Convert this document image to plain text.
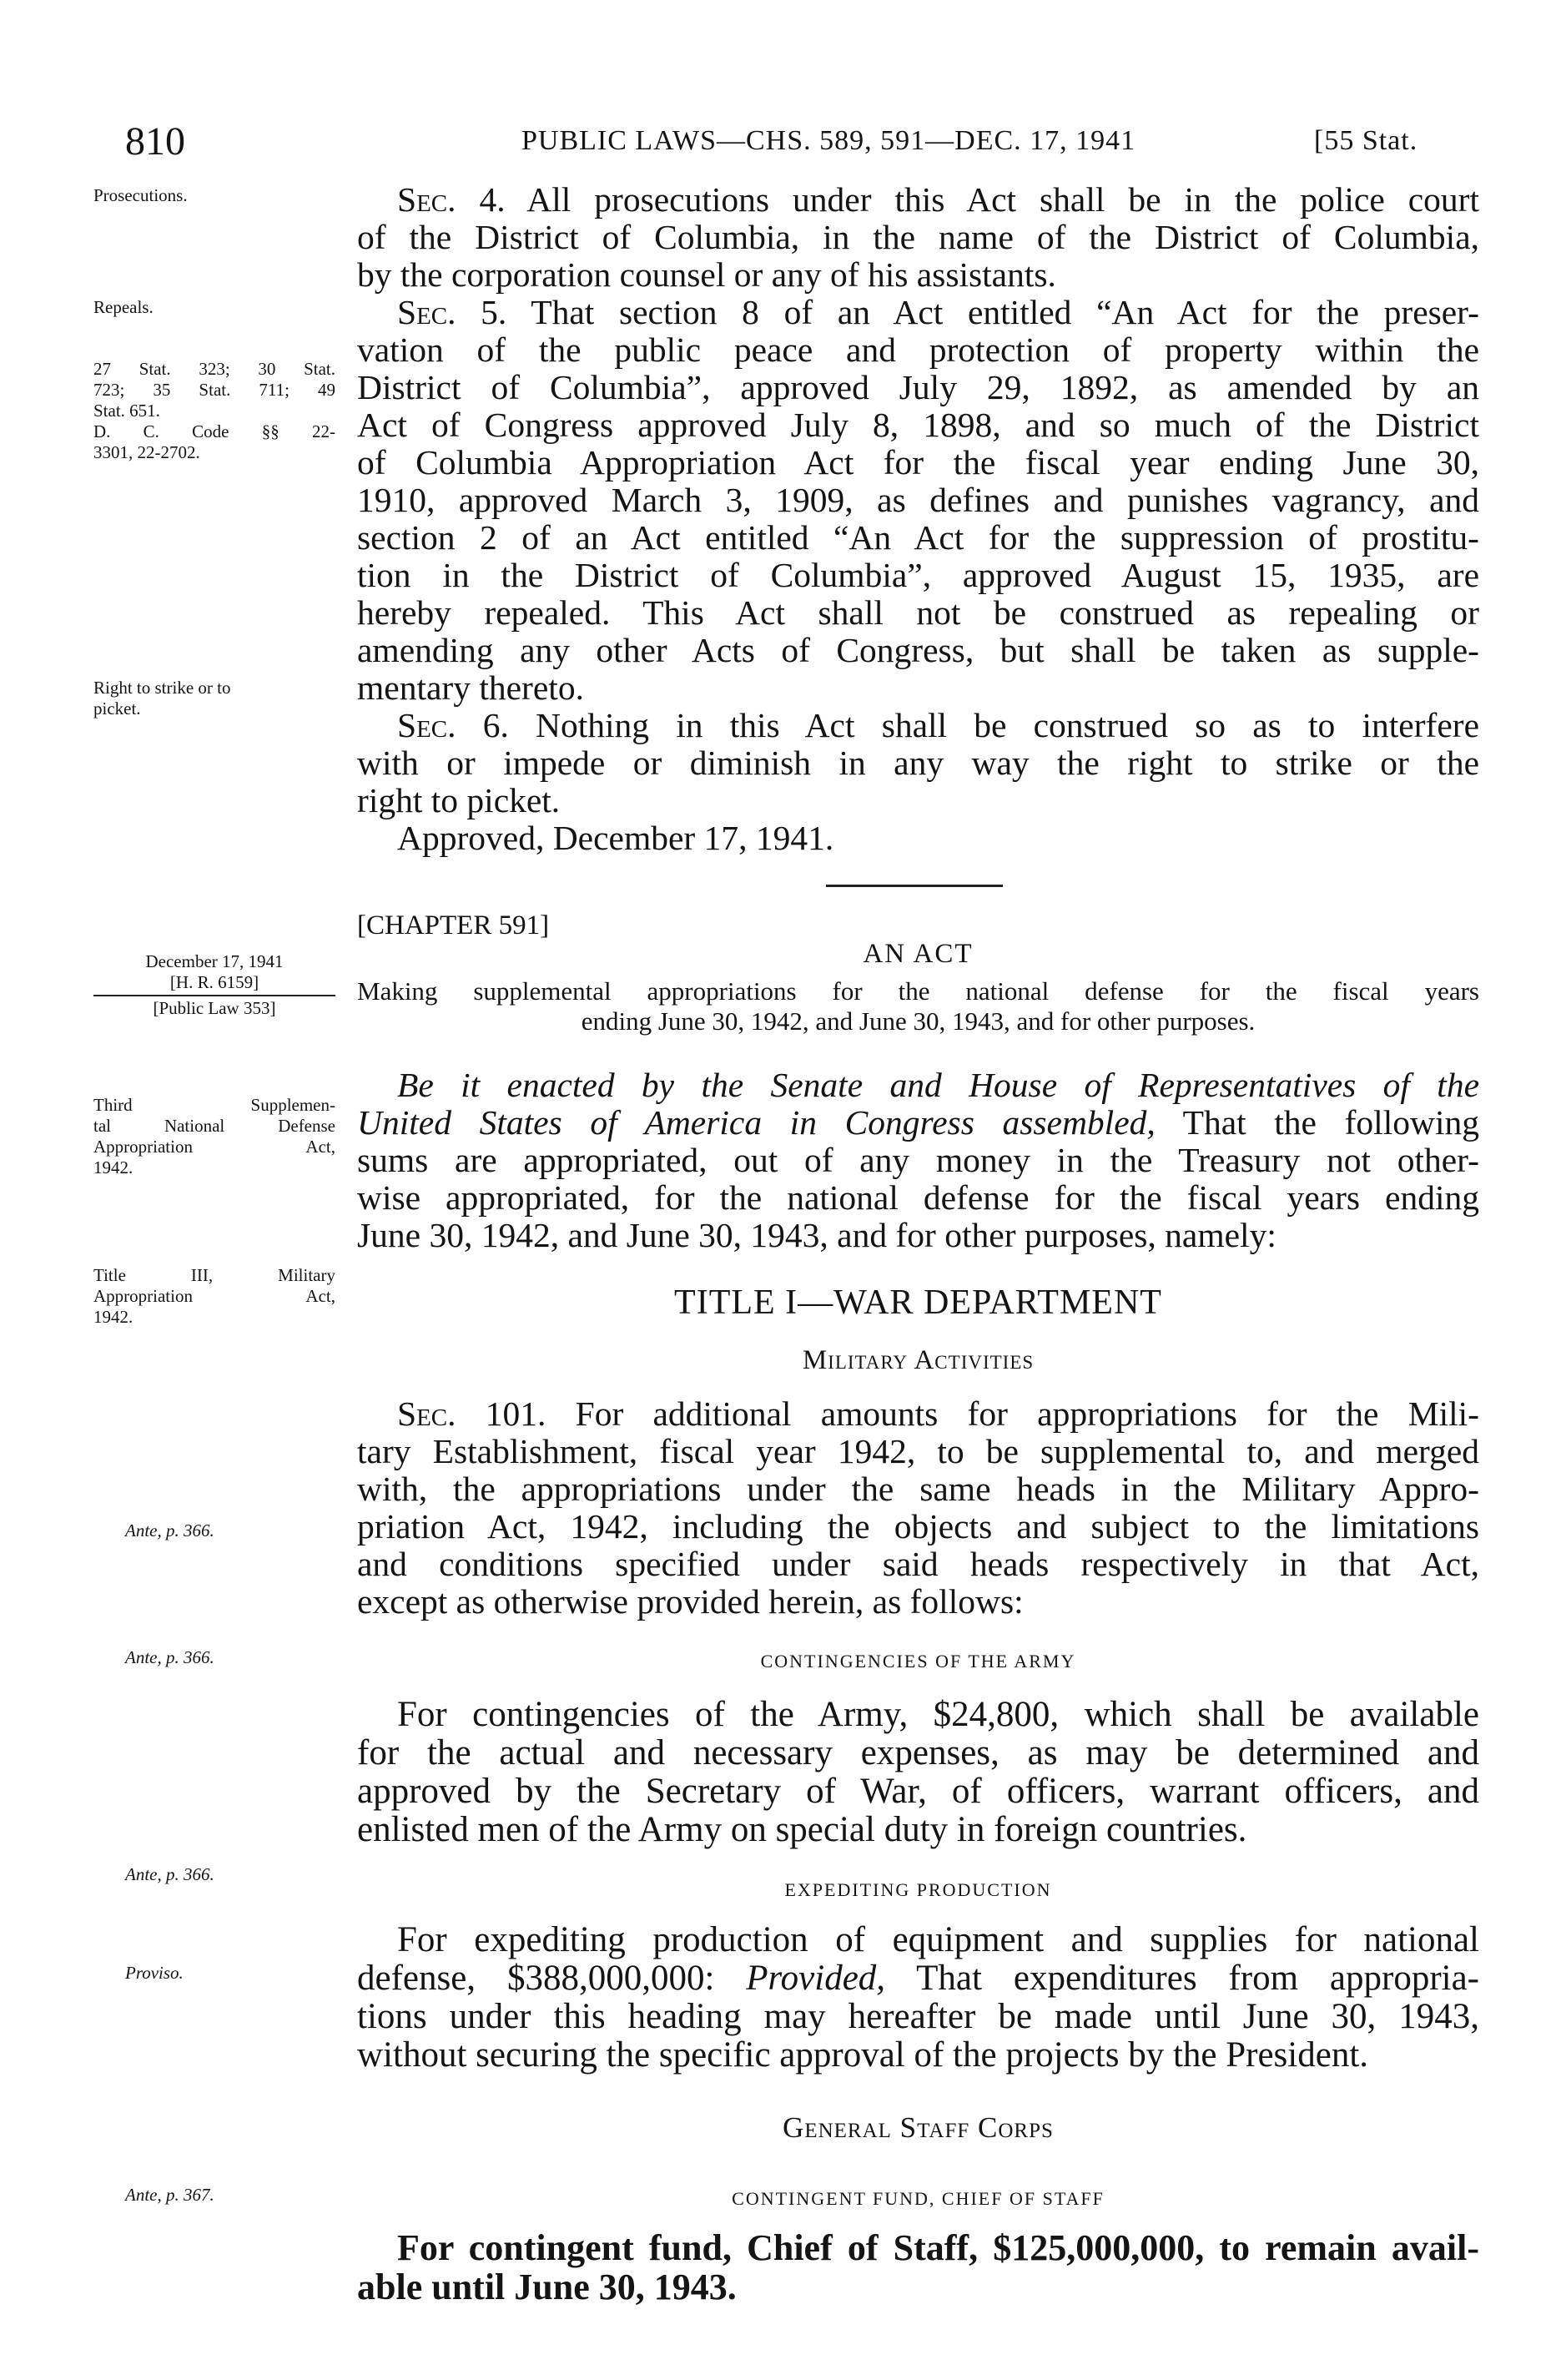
810	PUBLIC LAWS—CHS. 589, 591—DEC. 17, 1941	[55 Stat.
Prosecutions.
Repeals.
27 Stat. 323; 30 Stat.
723; 35 Stat. 711; 49
Stat. 651.
D. C. Code §§ 22-
3301, 22-2702.
Right to strike or to
picket.
December 17, 1941
[H. R. 6159]
[Public Law 353]
Third Supplemen-
tal National Defense
Appropriation Act,
1942.
Title III, Military
Appropriation Act,
1942.
Ante, p. 366.
Ante, p. 366.
Ante, p. 366.
Proviso.
Ante, p. 367.
Sec. 4. All prosecutions under this Act shall be in the police court
of the District of Columbia, in the name of the District of Columbia,
by the corporation counsel or any of his assistants.
Sec. 5. That section 8 of an Act entitled “An Act for the preser-
vation of the public peace and protection of property within the
District of Columbia”, approved July 29, 1892, as amended by an
Act of Congress approved July 8, 1898, and so much of the District
of Columbia Appropriation Act for the fiscal year ending June 30,
1910, approved March 3, 1909, as defines and punishes vagrancy, and
section 2 of an Act entitled “An Act for the suppression of prostitu-
tion in the District of Columbia”, approved August 15, 1935, are
hereby repealed. This Act shall not be construed as repealing or
amending any other Acts of Congress, but shall be taken as supple-
mentary thereto.
Sec. 6. Nothing in this Act shall be construed so as to interfere
with or impede or diminish in any way the right to strike or the
right to picket.
Approved, December 17, 1941.
[CHAPTER 591]
AN ACT
Making supplemental appropriations for the national defense for the fiscal years
ending June 30, 1942, and June 30, 1943, and for other purposes.
Be it enacted by the Senate and House of Representatives of the
United States of America in Congress assembled, That the following
sums are appropriated, out of any money in the Treasury not other-
wise appropriated, for the national defense for the fiscal years ending
June 30, 1942, and June 30, 1943, and for other purposes, namely:
TITLE I—WAR DEPARTMENT
Military Activities
Sec. 101. For additional amounts for appropriations for the Mili-
tary Establishment, fiscal year 1942, to be supplemental to, and merged
with, the appropriations under the same heads in the Military Appro-
priation Act, 1942, including the objects and subject to the limitations
and conditions specified under said heads respectively in that Act,
except as otherwise provided herein, as follows:
CONTINGENCIES OF THE ARMY
For contingencies of the Army, $24,800, which shall be available
for the actual and necessary expenses, as may be determined and
approved by the Secretary of War, of officers, warrant officers, and
enlisted men of the Army on special duty in foreign countries.
EXPEDITING PRODUCTION
For expediting production of equipment and supplies for national
defense, $388,000,000: Provided, That expenditures from appropria-
tions under this heading may hereafter be made until June 30, 1943,
without securing the specific approval of the projects by the President.
General Staff Corps
CONTINGENT FUND, CHIEF OF STAFF
For contingent fund, Chief of Staff, $125,000,000, to remain avail-
able until June 30, 1943.
